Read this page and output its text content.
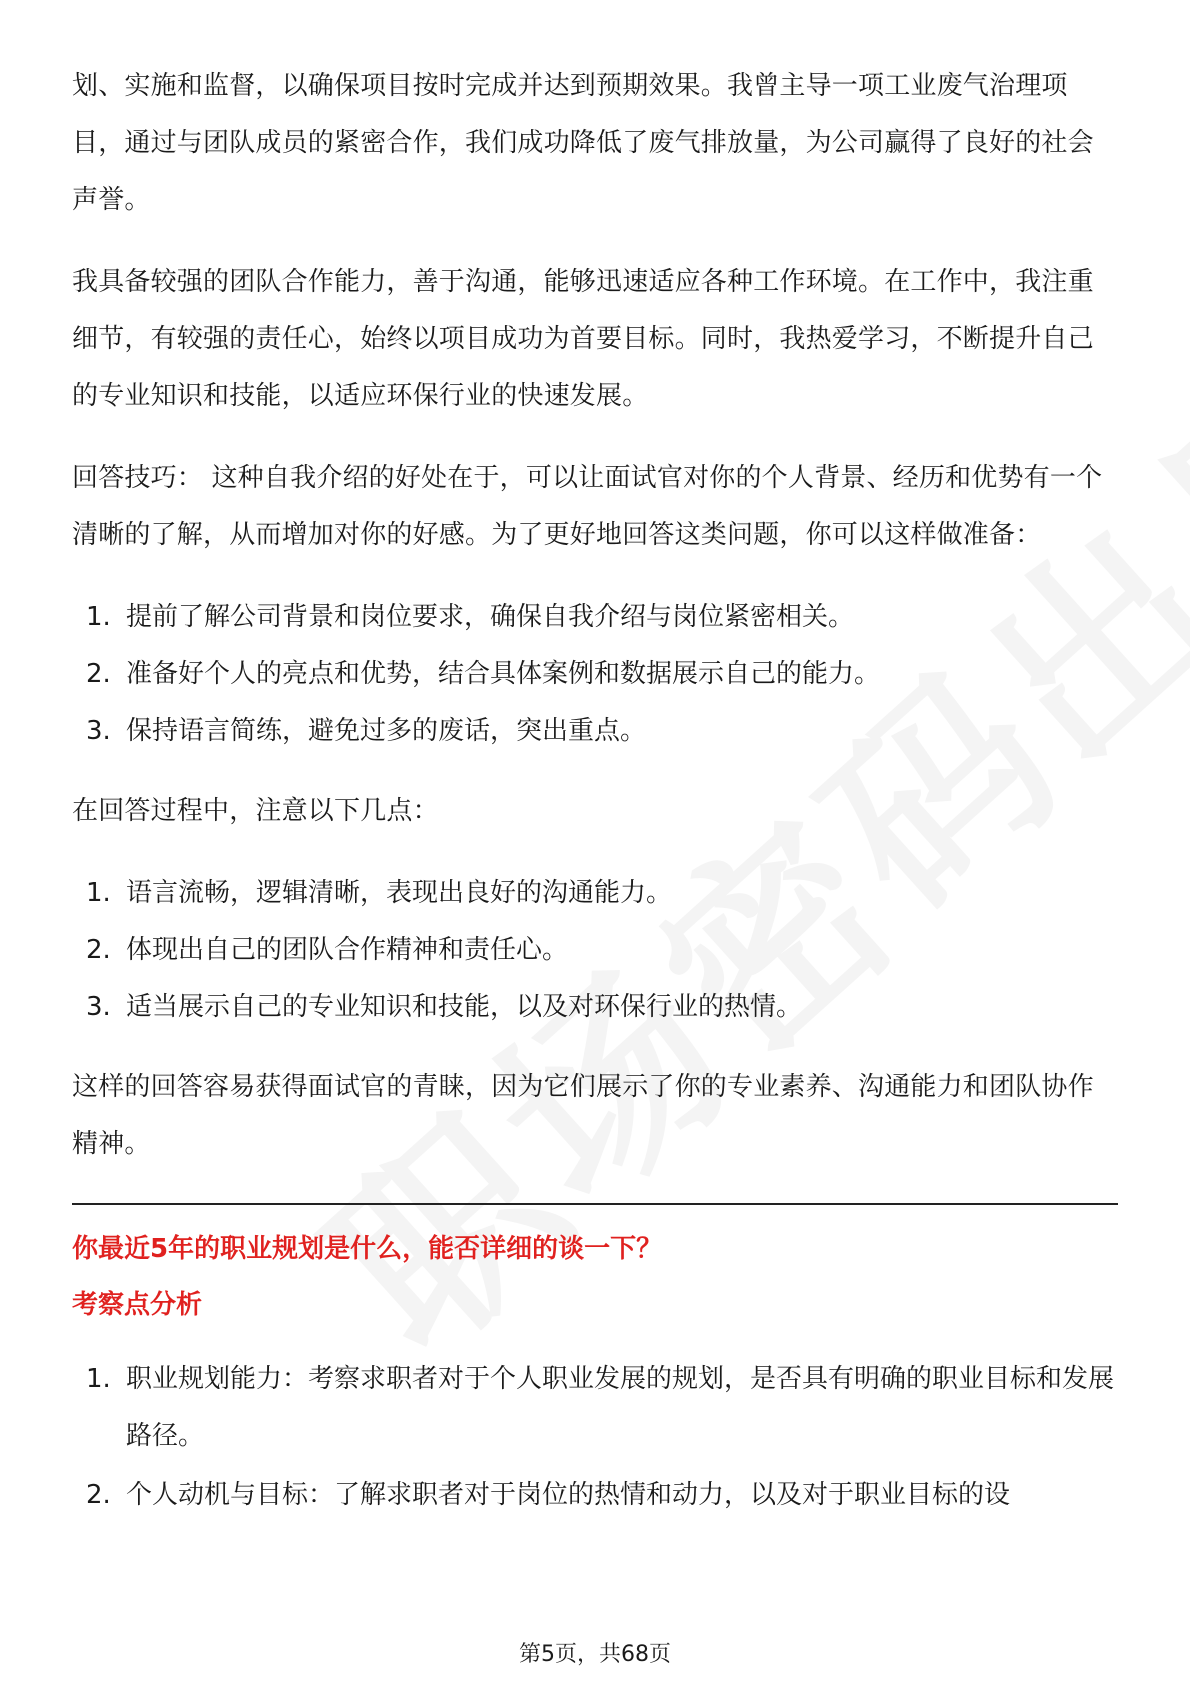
划、实施和监督，以确保项目按时完成并达到预期效果。我曾主导一项工业废气治理项目，通过与团队成员的紧密合作，我们成功降低了废气排放量，为公司赢得了良好的社会声誉。

我具备较强的团队合作能力，善于沟通，能够迅速适应各种工作环境。在工作中，我注重细节，有较强的责任心，始终以项目成功为首要目标。同时，我热爱学习，不断提升自己的专业知识和技能，以适应环保行业的快速发展。

回答技巧： 这种自我介绍的好处在于，可以让面试官对你的个人背景、经历和优势有一个清晰的了解，从而增加对你的好感。为了更好地回答这类问题，你可以这样做准备：

1. 提前了解公司背景和岗位要求，确保自我介绍与岗位紧密相关。
2. 准备好个人的亮点和优势，结合具体案例和数据展示自己的能力。
3. 保持语言简练，避免过多的废话，突出重点。

在回答过程中，注意以下几点：

1. 语言流畅，逻辑清晰，表现出良好的沟通能力。
2. 体现出自己的团队合作精神和责任心。
3. 适当展示自己的专业知识和技能，以及对环保行业的热情。

这样的回答容易获得面试官的青睐，因为它们展示了你的专业素养、沟通能力和团队协作精神。

你最近5年的职业规划是什么，能否详细的谈一下？

考察点分析

1. 职业规划能力：考察求职者对于个人职业发展的规划，是否具有明确的职业目标和发展路径。
2. 个人动机与目标：了解求职者对于岗位的热情和动力，以及对于职业目标的设
第5页，共68页
